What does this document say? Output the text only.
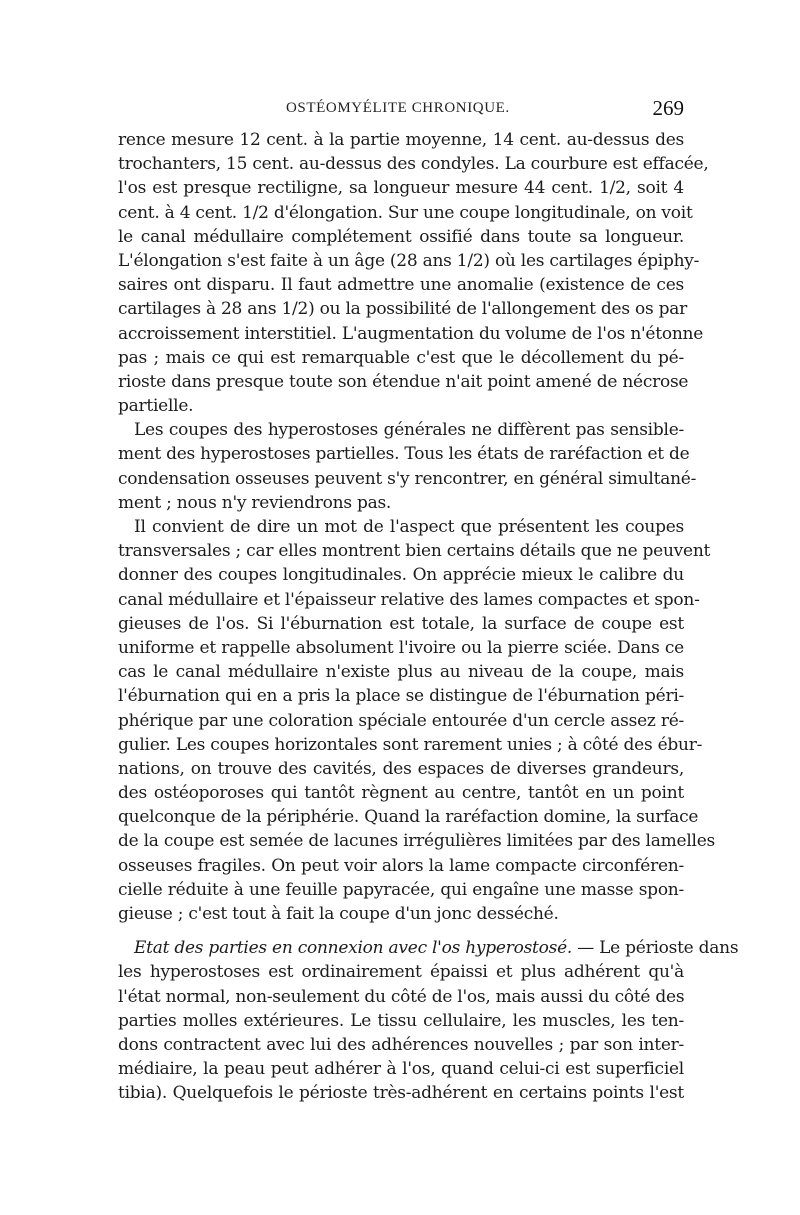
OSTÉOMYÉLITE CHRONIQUE.	269
rence mesure 12 cent. à la partie moyenne, 14 cent. au-dessus des
trochanters, 15 cent. au-dessus des condyles. La courbure est effacée,
l'os est presque rectiligne, sa longueur mesure 44 cent. 1/2, soit 4
cent. à 4 cent. 1/2 d'élongation. Sur une coupe longitudinale, on voit
le canal médullaire complétement ossifié dans toute sa longueur.
L'élongation s'est faite à un âge (28 ans 1/2) où les cartilages épiphy-
saires ont disparu. Il faut admettre une anomalie (existence de ces
cartilages à 28 ans 1/2) ou la possibilité de l'allongement des os par
accroissement interstitiel. L'augmentation du volume de l'os n'étonne
pas ; mais ce qui est remarquable c'est que le décollement du pé-
rioste dans presque toute son étendue n'ait point amené de nécrose
partielle.
Les coupes des hyperostoses générales ne diffèrent pas sensible-
ment des hyperostoses partielles. Tous les états de raréfaction et de
condensation osseuses peuvent s'y rencontrer, en général simultané-
ment ; nous n'y reviendrons pas.
Il convient de dire un mot de l'aspect que présentent les coupes
transversales ; car elles montrent bien certains détails que ne peuvent
donner des coupes longitudinales. On apprécie mieux le calibre du
canal médullaire et l'épaisseur relative des lames compactes et spon-
gieuses de l'os. Si l'éburnation est totale, la surface de coupe est
uniforme et rappelle absolument l'ivoire ou la pierre sciée. Dans ce
cas le canal médullaire n'existe plus au niveau de la coupe, mais
l'éburnation qui en a pris la place se distingue de l'éburnation péri-
phérique par une coloration spéciale entourée d'un cercle assez ré-
gulier. Les coupes horizontales sont rarement unies ; à côté des ébur-
nations, on trouve des cavités, des espaces de diverses grandeurs,
des ostéoporoses qui tantôt règnent au centre, tantôt en un point
quelconque de la périphérie. Quand la raréfaction domine, la surface
de la coupe est semée de lacunes irrégulières limitées par des lamelles
osseuses fragiles. On peut voir alors la lame compacte circonféren-
cielle réduite à une feuille papyracée, qui engaîne une masse spon-
gieuse ; c'est tout à fait la coupe d'un jonc desséché.
Etat des parties en connexion avec l'os hyperostosé. — Le périoste dans
les hyperostoses est ordinairement épaissi et plus adhérent qu'à
l'état normal, non-seulement du côté de l'os, mais aussi du côté des
parties molles extérieures. Le tissu cellulaire, les muscles, les ten-
dons contractent avec lui des adhérences nouvelles ; par son inter-
médiaire, la peau peut adhérer à l'os, quand celui-ci est superficiel
tibia). Quelquefois le périoste très-adhérent en certains points l'est
